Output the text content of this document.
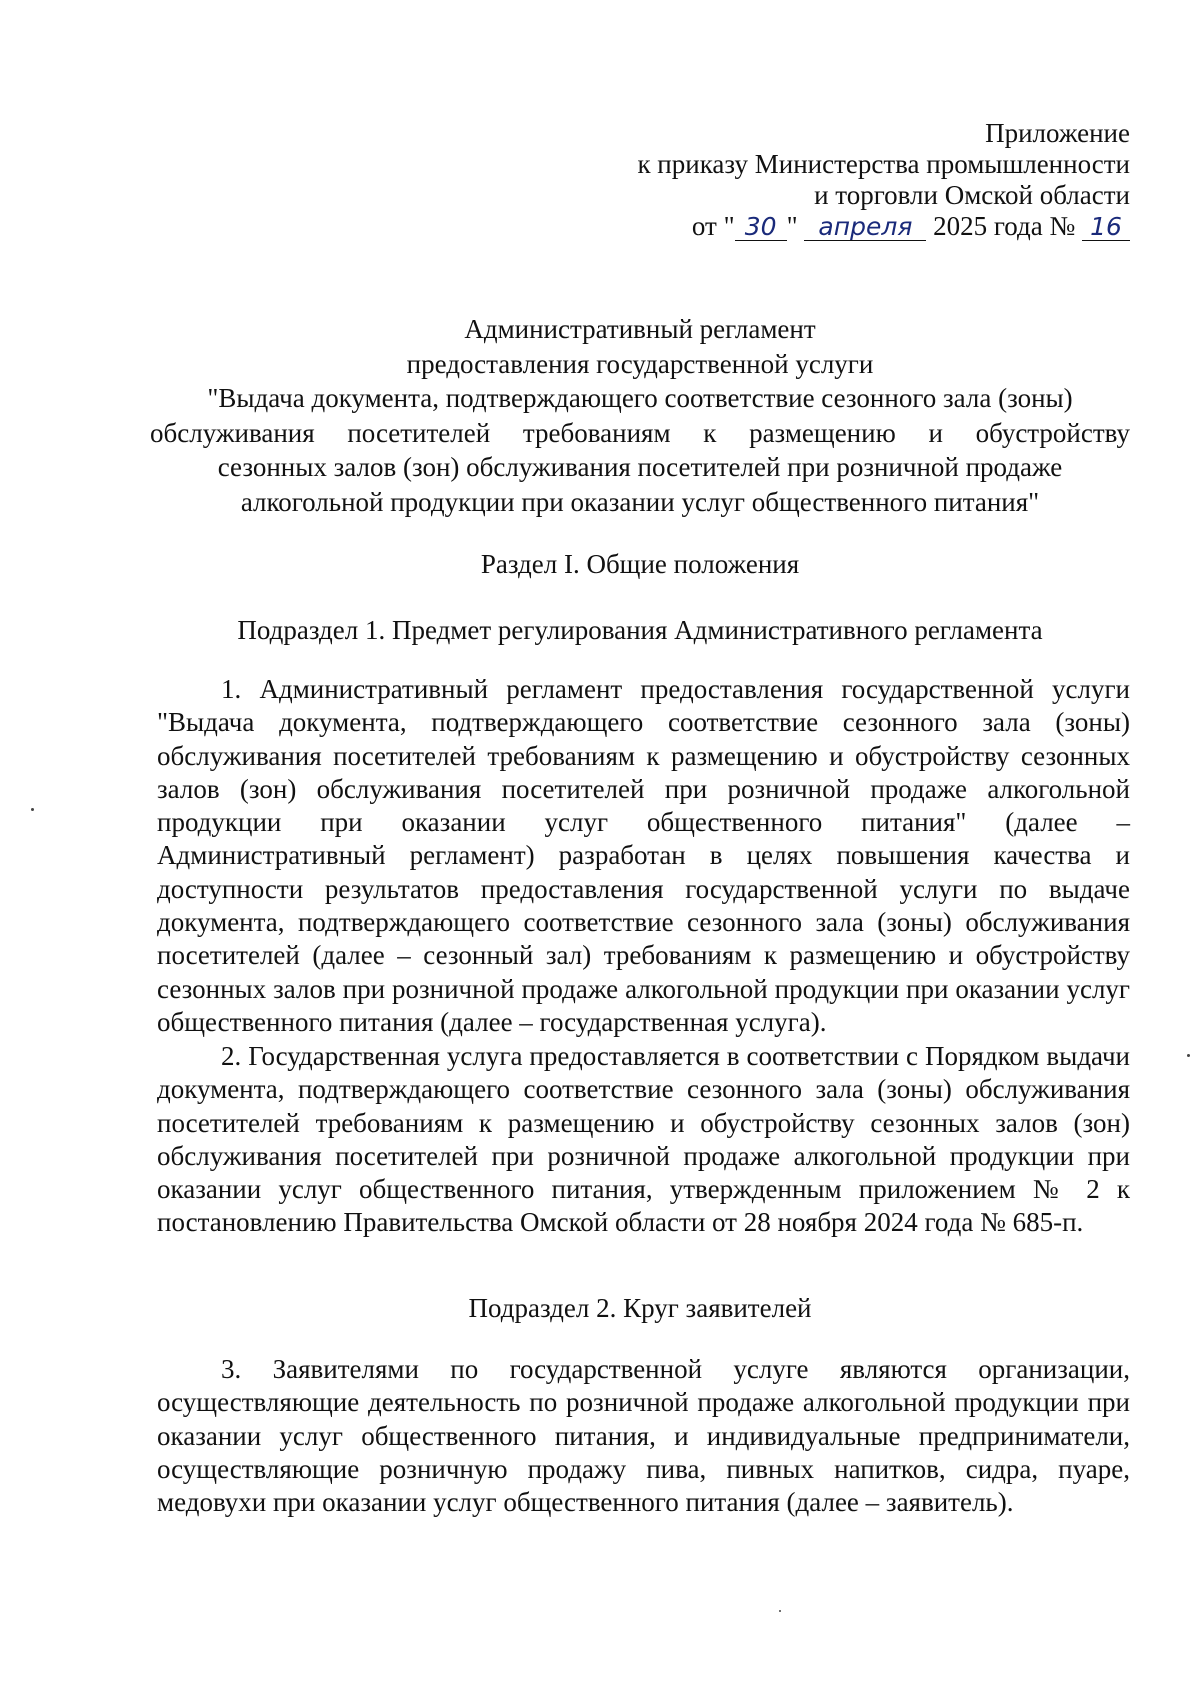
Приложение
к приказу Министерства промышленности
и торговли Омской области
от " 30 " апреля 2025 года № 16
Административный регламент
предоставления государственной услуги
"Выдача документа, подтверждающего соответствие сезонного зала (зоны)
обслуживания посетителей требованиям к размещению и обустройству
сезонных залов (зон) обслуживания посетителей при розничной продаже
алкогольной продукции при оказании услуг общественного питания"
Раздел I. Общие положения
Подраздел 1. Предмет регулирования Административного регламента

1. Административный регламент предоставления государственной услуги "Выдача документа, подтверждающего соответствие сезонного зала (зоны) обслуживания посетителей требованиям к размещению и обустройству сезонных залов (зон) обслуживания посетителей при розничной продаже алкогольной продукции при оказании услуг общественного питания" (далее – Административный регламент) разработан в целях повышения качества и доступности результатов предоставления государственной услуги по выдаче документа, подтверждающего соответствие сезонного зала (зоны) обслуживания посетителей (далее – сезонный зал) требованиям к размещению и обустройству сезонных залов при розничной продаже алкогольной продукции при оказании услуг общественного питания (далее – государственная услуга).

2. Государственная услуга предоставляется в соответствии с Порядком выдачи документа, подтверждающего соответствие сезонного зала (зоны) обслуживания посетителей требованиям к размещению и обустройству сезонных залов (зон) обслуживания посетителей при розничной продаже алкогольной продукции при оказании услуг общественного питания, утвержденным приложением № 2 к постановлению Правительства Омской области от 28 ноября 2024 года № 685-п.

Подраздел 2. Круг заявителей

3. Заявителями по государственной услуге являются организации, осуществляющие деятельность по розничной продаже алкогольной продукции при оказании услуг общественного питания, и индивидуальные предприниматели, осуществляющие розничную продажу пива, пивных напитков, сидра, пуаре, медовухи при оказании услуг общественного питания (далее – заявитель).
